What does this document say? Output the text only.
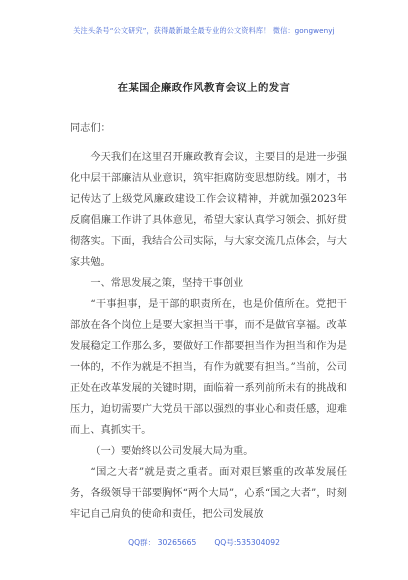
关注头条号“公文研究”，获得最新最全最专业的公文资料库！ 微信：gongwenyj
在某国企廉政作风教育会议上的发言

同志们：

今天我们在这里召开廉政教育会议，主要目的是进一步强化中层干部廉洁从业意识，筑牢拒腐防变思想防线。刚才，书记传达了上级党风廉政建设工作会议精神，并就加强2023年反腐倡廉工作讲了具体意见，希望大家认真学习领会、抓好贯彻落实。下面，我结合公司实际，与大家交流几点体会，与大家共勉。

一、常思发展之策，坚持干事创业

“干事担事，是干部的职责所在，也是价值所在。党把干部放在各个岗位上是要大家担当干事，而不是做官享福。改革发展稳定工作那么多，要做好工作都要担当作为担当和作为是一体的，不作为就是不担当，有作为就要有担当。”当前，公司正处在改革发展的关键时期，面临着一系列前所未有的挑战和压力，迫切需要广大党员干部以强烈的事业心和责任感，迎难而上、真抓实干。

（一）要始终以公司发展大局为重。

“国之大者”就是责之重者。面对艰巨繁重的改革发展任务，各级领导干部要胸怀“两个大局”，心系“国之大者”，时刻牢记自己肩负的使命和责任，把公司发展放

QQ群： 30265665 QQ号:535304092
